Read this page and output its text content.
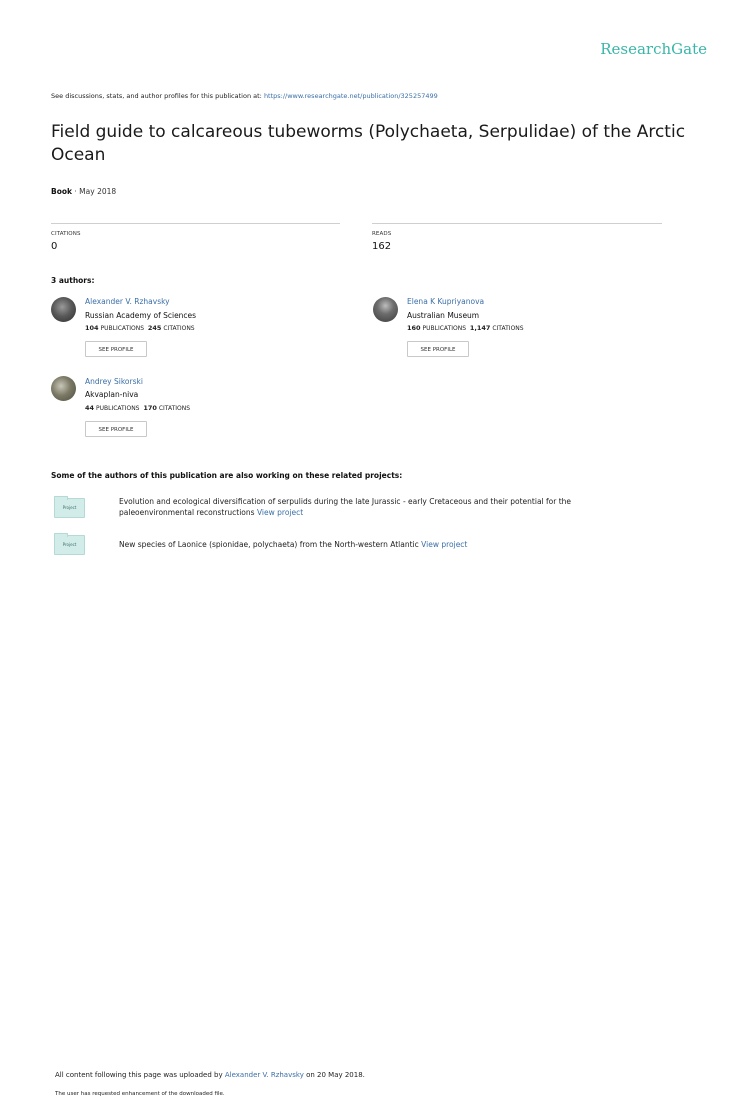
ResearchGate
See discussions, stats, and author profiles for this publication at: https://www.researchgate.net/publication/325257499
Field guide to calcareous tubeworms (Polychaeta, Serpulidae) of the Arctic Ocean
Book · May 2018
CITATIONS
0
READS
162
3 authors:
Alexander V. Rzhavsky
Russian Academy of Sciences
104 PUBLICATIONS 245 CITATIONS
SEE PROFILE
Elena K Kupriyanova
Australian Museum
160 PUBLICATIONS 1,147 CITATIONS
SEE PROFILE
Andrey Sikorski
Akvaplan-niva
44 PUBLICATIONS 170 CITATIONS
SEE PROFILE
Some of the authors of this publication are also working on these related projects:
Project
Evolution and ecological diversification of serpulids during the late Jurassic - early Cretaceous and their potential for the paleoenvironmental reconstructions View project
Project	New species of Laonice (spionidae, polychaeta) from the North-western Atlantic View project
All content following this page was uploaded by Alexander V. Rzhavsky on 20 May 2018.
The user has requested enhancement of the downloaded file.
